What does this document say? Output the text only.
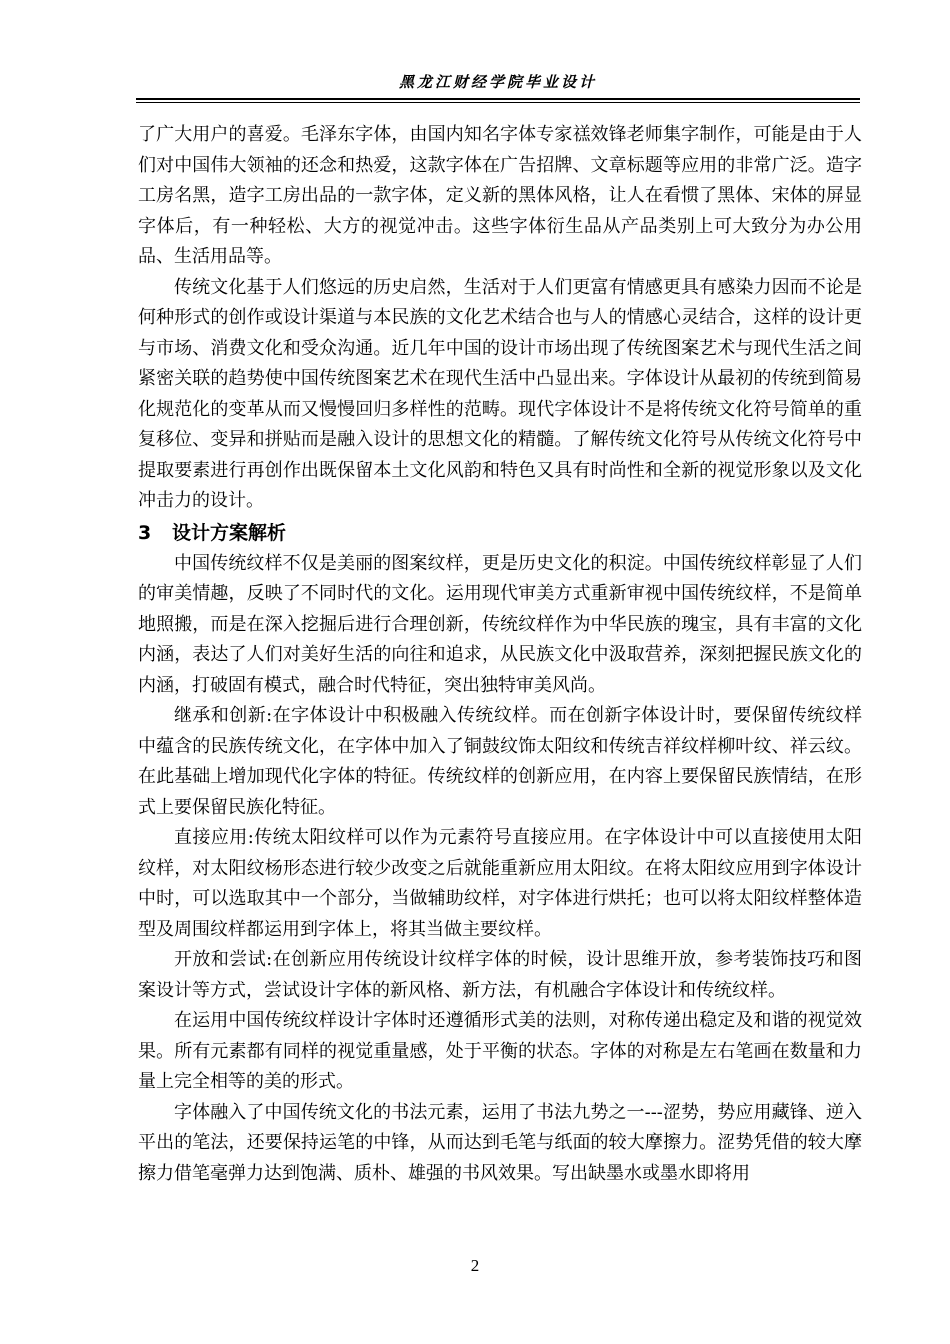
黑龙江财经学院毕业设计

了广大用户的喜爱。毛泽东字体，由国内知名字体专家禚效锋老师集字制作，可能是由于人们对中国伟大领袖的还念和热爱，这款字体在广告招牌、文章标题等应用的非常广泛。造字工房名黑，造字工房出品的一款字体，定义新的黑体风格，让人在看惯了黑体、宋体的屏显字体后，有一种轻松、大方的视觉冲击。这些字体衍生品从产品类别上可大致分为办公用品、生活用品等。

传统文化基于人们悠远的历史启然，生活对于人们更富有情感更具有感染力因而不论是何种形式的创作或设计渠道与本民族的文化艺术结合也与人的情感心灵结合，这样的设计更与市场、消费文化和受众沟通。近几年中国的设计市场出现了传统图案艺术与现代生活之间紧密关联的趋势使中国传统图案艺术在现代生活中凸显出来。字体设计从最初的传统到简易化规范化的变革从而又慢慢回归多样性的范畴。现代字体设计不是将传统文化符号简单的重复移位、变异和拼贴而是融入设计的思想文化的精髓。了解传统文化符号从传统文化符号中提取要素进行再创作出既保留本土文化风韵和特色又具有时尚性和全新的视觉形象以及文化冲击力的设计。

3 设计方案解析

中国传统纹样不仅是美丽的图案纹样，更是历史文化的积淀。中国传统纹样彰显了人们的审美情趣，反映了不同时代的文化。运用现代审美方式重新审视中国传统纹样，不是简单地照搬，而是在深入挖掘后进行合理创新，传统纹样作为中华民族的瑰宝，具有丰富的文化内涵，表达了人们对美好生活的向往和追求，从民族文化中汲取营养，深刻把握民族文化的内涵，打破固有模式，融合时代特征，突出独特审美风尚。

继承和创新:在字体设计中积极融入传统纹样。而在创新字体设计时，要保留传统纹样中蕴含的民族传统文化，在字体中加入了铜鼓纹饰太阳纹和传统吉祥纹样柳叶纹、祥云纹。在此基础上增加现代化字体的特征。传统纹样的创新应用，在内容上要保留民族情结，在形式上要保留民族化特征。

直接应用:传统太阳纹样可以作为元素符号直接应用。在字体设计中可以直接使用太阳纹样，对太阳纹杨形态进行较少改变之后就能重新应用太阳纹。在将太阳纹应用到字体设计中时，可以选取其中一个部分，当做辅助纹样，对字体进行烘托；也可以将太阳纹样整体造型及周围纹样都运用到字体上，将其当做主要纹样。

开放和尝试:在创新应用传统设计纹样字体的时候，设计思维开放，参考装饰技巧和图案设计等方式，尝试设计字体的新风格、新方法，有机融合字体设计和传统纹样。

在运用中国传统纹样设计字体时还遵循形式美的法则，对称传递出稳定及和谐的视觉效果。所有元素都有同样的视觉重量感，处于平衡的状态。字体的对称是左右笔画在数量和力量上完全相等的美的形式。

字体融入了中国传统文化的书法元素，运用了书法九势之一---涩势，势应用藏锋、逆入平出的笔法，还要保持运笔的中锋，从而达到毛笔与纸面的较大摩擦力。涩势凭借的较大摩擦力借笔毫弹力达到饱满、质朴、雄强的书风效果。写出缺墨水或墨水即将用

2
